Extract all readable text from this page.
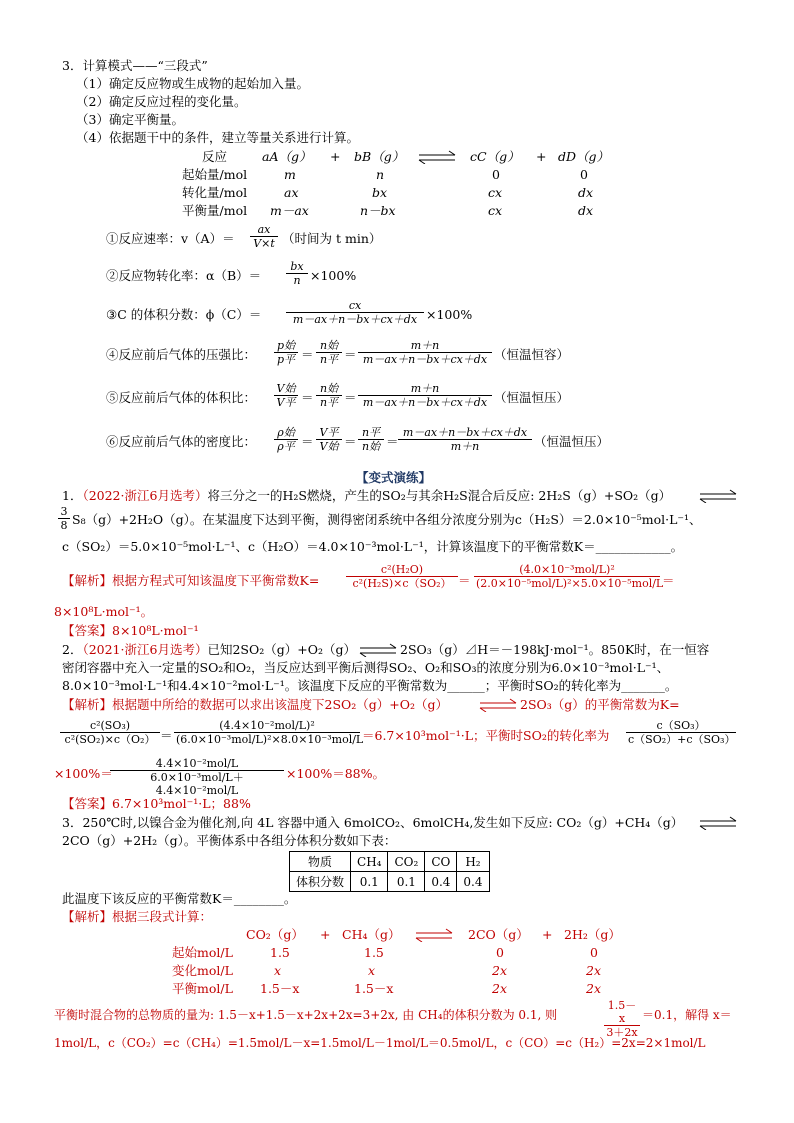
3．计算模式——“三段式”
（1）确定反应物或生成物的起始加入量。
（2）确定反应过程的变化量。
（3）确定平衡量。
（4）依据题干中的条件，建立等量关系进行计算。
反应	aA（g） + bB（g） ⇌ cC（g） + dD（g）
起始量/mol	m	n	0	0
转化量/mol	ax	bx	cx	dx
平衡量/mol m－ax	n－bx	cx	dx
①反应速率：$v(A)= \frac{ax}{V\times t}$ （时间为 t min）
②反应物转化率：$\alpha(B)= \frac{bx}{n} \times 100\%$
③C 的体积分数：$\phi(C)= \frac{cx}{m-ax+n-bx+cx+dx} \times 100\%$
④反应前后气体的压强比：
p始
p平 ＝
n始
n平 ＝ $\frac{m+n}{m-ax+n-bx+cx+dx}$ （恒温恒容）
⑤反应前后气体的体积比：
V始
V平 ＝
n始
n平 ＝ $\frac{m+n}{m-ax+n-bx+cx+dx}$ （恒温恒压）
⑥反应前后气体的密度比：
ρ始
ρ平 ＝
V平
V始 ＝
n平
n始 ＝ $\frac{m-ax+n-bx+cx+dx}{m+n}$ （恒温恒压）
【变式演练】
1．（2022·浙江6月选考）将三分之一的H₂S燃烧，产生的SO₂与其余H₂S混合后反应: 2H₂S（g）+SO₂（g）
$\frac{3}{8} S_8(g)+2H_2O(g)$。在某温度下达到平衡，测得密闭系统中各组分浓度分别为c（H₂S）＝2.0×10⁻⁵mol·L⁻¹、
c（SO₂）＝5.0×10⁻⁵mol·L⁻¹、c（H₂O）＝4.0×10⁻³mol·L⁻¹，计算该温度下的平衡常数K＝____________。
【解析】根据方程式可知该温度下平衡常数$K= \frac{\text{c²(H₂O)}}{\text{c²(H₂S)×c（SO₂）}}$ ＝
(4.0×10⁻³mol/L)²
(2.0×10⁻⁵mol/L)²×5.0×10⁻⁵mol/L
＝
8×10⁸L·mol⁻¹。
【答案】8×10⁸L·mol⁻¹
2．（2021·浙江6月选考）已知2SO₂（g）+O₂（g） ⇌ 2SO₃（g）⊿H＝－198kJ·mol⁻¹。850K时，在一恒容
密闭容器中充入一定量的SO₂和O₂，当反应达到平衡后测得SO₂、O₂和SO₃的浓度分别为6.0×10⁻³mol·L⁻¹、
8.0×10⁻³mol·L⁻¹和4.4×10⁻²mol·L⁻¹。该温度下反应的平衡常数为______；平衡时SO₂的转化率为_______。
【解析】根据题中所给的数据可以求出该温度下2SO₂（g）+O₂（g） ⇌ 2SO₃（g）的平衡常数为K=
$\frac{\text{c²(SO₃)}}{\text{c²(SO₂)×c（O₂）}}$ ＝
(4.4×10⁻²mol/L)²
(6.0×10⁻³mol/L)²×8.0×10⁻³mol/L
＝6.7×10³mol⁻¹·L；平衡时SO₂的转化率为 $\frac{\text{c（SO₃）}}{\text{c（SO₂）+c（SO₃）}}$
×100%＝
4.4×10⁻²mol/L
6.0×10⁻³mol/L＋4.4×10⁻²mol/L
×100%＝88%。
【答案】6.7×10³mol⁻¹·L；88%
3．250℃时,以镍合金为催化剂,向 4L 容器中通入 6molCO₂、6molCH₄,发生如下反应: CO₂（g）+CH₄（g） ⇌
2CO（g）+2H₂（g）。平衡体系中各组分体积分数如下表：
物质	CH₄	CO₂	CO	H₂
体积分数	0.1	0.1	0.4	0.4
此温度下该反应的平衡常数K＝________。
【解析】根据三段式计算：
CO₂（g） + CH₄（g） ⇌ 2CO（g） + 2H₂（g）
起始mol/L	1.5	1.5	0	0
变化mol/L	x	x	2x	2x
平衡mol/L 1.5－x	1.5－x	2x	2x
平衡时混合物的总物质的量为: 1.5－x+1.5－x+2x+2x=3+2x, 由 CH₄的体积分数为 0.1, 则	$\frac{1.5-x}{3+2x} =0.1$，解得 x＝
1mol/L，c（CO₂）=c（CH₄）=1.5mol/L－x=1.5mol/L－1mol/L＝0.5mol/L，c（CO）=c（H₂）=2x=2×1mol/L
